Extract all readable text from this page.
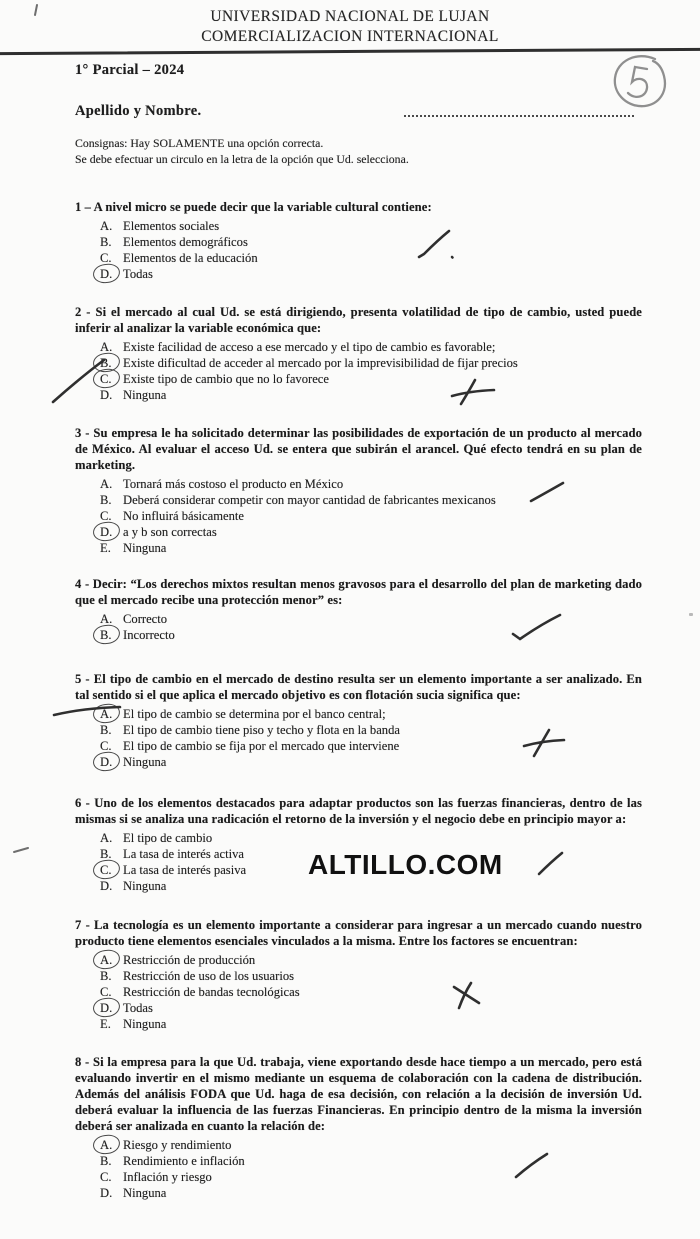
UNIVERSIDAD NACIONAL DE LUJAN
COMERCIALIZACION INTERNACIONAL
1° Parcial – 2024
Apellido y Nombre.
Consignas: Hay SOLAMENTE una opción correcta.
Se debe efectuar un circulo en la letra de la opción que Ud. selecciona.
1 – A nivel micro se puede decir que la variable cultural contiene:
A. Elementos sociales
B. Elementos demográficos
C. Elementos de la educación
D. Todas
2 - Si el mercado al cual Ud. se está dirigiendo, presenta volatilidad de tipo de cambio, usted puede inferir al analizar la variable económica que:
A. Existe facilidad de acceso a ese mercado y el tipo de cambio es favorable;
B. Existe dificultad de acceder al mercado por la imprevisibilidad de fijar precios
C. Existe tipo de cambio que no lo favorece
D. Ninguna
3 - Su empresa le ha solicitado determinar las posibilidades de exportación de un producto al mercado de México. Al evaluar el acceso Ud. se entera que subirán el arancel. Qué efecto tendrá en su plan de marketing.
A. Tornará más costoso el producto en México
B. Deberá considerar competir con mayor cantidad de fabricantes mexicanos
C. No influirá básicamente
D. a y b son correctas
E. Ninguna
4 - Decir: “Los derechos mixtos resultan menos gravosos para el desarrollo del plan de marketing dado que el mercado recibe una protección menor” es:
A. Correcto
B. Incorrecto
5 - El tipo de cambio en el mercado de destino resulta ser un elemento importante a ser analizado. En tal sentido si el que aplica el mercado objetivo es con flotación sucia significa que:
A. El tipo de cambio se determina por el banco central;
B. El tipo de cambio tiene piso y techo y flota en la banda
C. El tipo de cambio se fija por el mercado que interviene
D. Ninguna
6 - Uno de los elementos destacados para adaptar productos son las fuerzas financieras, dentro de las mismas si se analiza una radicación el retorno de la inversión y el negocio debe en principio mayor a:
A. El tipo de cambio
B. La tasa de interés activa
C. La tasa de interés pasiva
D. Ninguna
7 - La tecnología es un elemento importante a considerar para ingresar a un mercado cuando nuestro producto tiene elementos esenciales vinculados a la misma. Entre los factores se encuentran:
A. Restricción de producción
B. Restricción de uso de los usuarios
C. Restricción de bandas tecnológicas
D. Todas
E. Ninguna
8 - Si la empresa para la que Ud. trabaja, viene exportando desde hace tiempo a un mercado, pero está evaluando invertir en el mismo mediante un esquema de colaboración con la cadena de distribución. Además del análisis FODA que Ud. haga de esa decisión, con relación a la decisión de inversión Ud. deberá evaluar la influencia de las fuerzas Financieras. En principio dentro de la misma la inversión deberá ser analizada en cuanto la relación de:
A. Riesgo y rendimiento
B. Rendimiento e inflación
C. Inflación y riesgo
D. Ninguna
ALTILLO.COM
